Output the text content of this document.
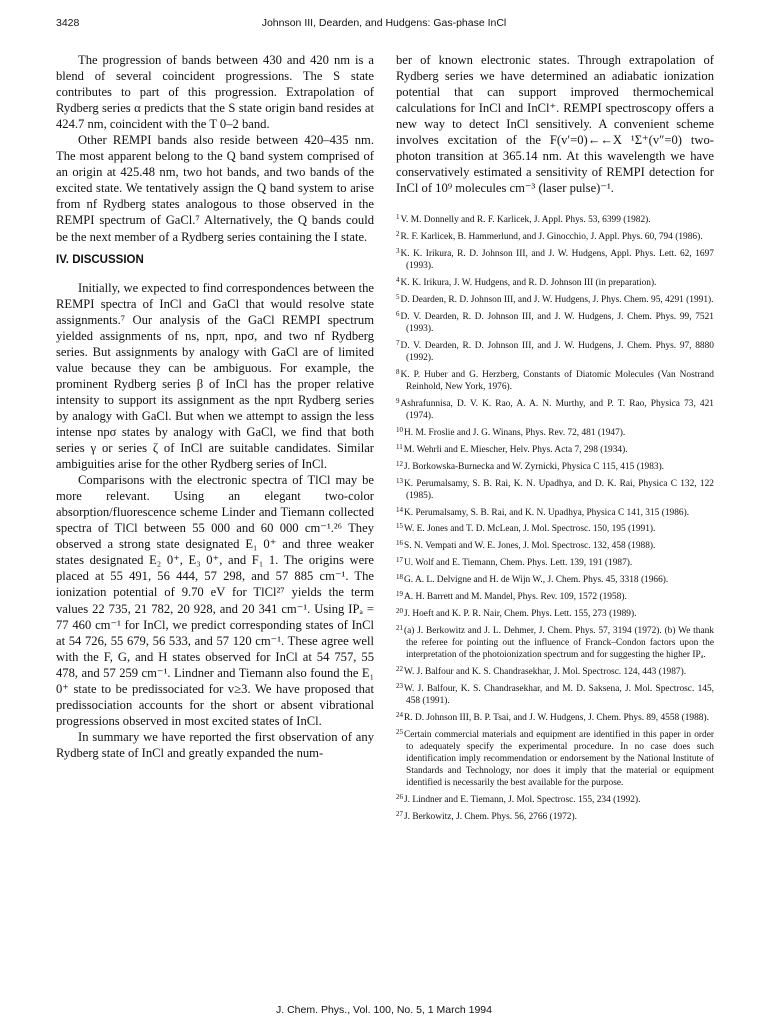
3428	Johnson III, Dearden, and Hudgens: Gas-phase InCl

The progression of bands between 430 and 420 nm is a blend of several coincident progressions. The S state contributes to part of this progression. Extrapolation of Rydberg series α predicts that the S state origin band resides at 424.7 nm, coincident with the T 0–2 band.

Other REMPI bands also reside between 420–435 nm. The most apparent belong to the Q band system comprised of an origin at 425.48 nm, two hot bands, and two bands of the excited state. We tentatively assign the Q band system to arise from nf Rydberg states analogous to those observed in the REMPI spectrum of GaCl.⁷ Alternatively, the Q bands could be the next member of a Rydberg series containing the I state.

IV. DISCUSSION

Initially, we expected to find correspondences between the REMPI spectra of InCl and GaCl that would resolve state assignments.⁷ Our analysis of the GaCl REMPI spectrum yielded assignments of ns, npπ, npσ, and two nf Rydberg series. But assignments by analogy with GaCl are of limited value because they can be ambiguous. For example, the prominent Rydberg series β of InCl has the proper relative intensity to support its assignment as the npπ Rydberg series by analogy with GaCl. But when we attempt to assign the less intense npσ states by analogy with GaCl, we find that both series γ or series ζ of InCl are suitable candidates. Similar ambiguities arise for the other Rydberg series of InCl.

Comparisons with the electronic spectra of TlCl may be more relevant. Using an elegant two-color absorption/fluorescence scheme Linder and Tiemann collected spectra of TlCl between 55 000 and 60 000 cm⁻¹.²⁶ They observed a strong state designated E₁ 0⁺ and three weaker states designated E₂ 0⁺, E₃ 0⁺, and F₁ 1. The origins were placed at 55 491, 56 444, 57 298, and 57 885 cm⁻¹. The ionization potential of 9.70 eV for TlCl²⁷ yields the term values 22 735, 21 782, 20 928, and 20 341 cm⁻¹. Using IPₐ = 77 460 cm⁻¹ for InCl, we predict corresponding states of InCl at 54 726, 55 679, 56 533, and 57 120 cm⁻¹. These agree well with the F, G, and H states observed for InCl at 54 757, 55 478, and 57 259 cm⁻¹. Lindner and Tiemann also found the E₁ 0⁺ state to be predissociated for v≥3. We have proposed that predissociation accounts for the short or absent vibrational progressions observed in most excited states of InCl.

In summary we have reported the first observation of any Rydberg state of InCl and greatly expanded the num-

ber of known electronic states. Through extrapolation of Rydberg series we have determined an adiabatic ionization potential that can support improved thermochemical calculations for InCl and InCl⁺. REMPI spectroscopy offers a new way to detect InCl sensitively. A convenient scheme involves excitation of the F(v′=0)←←X ¹Σ⁺(v″=0) two-photon transition at 365.14 nm. At this wavelength we have conservatively estimated a sensitivity of REMPI detection for InCl of 10⁹ molecules cm⁻³ (laser pulse)⁻¹.

$^1$V. M. Donnelly and R. F. Karlicek, J. Appl. Phys. 53, 6399 (1982).
$^2$R. F. Karlicek, B. Hammerlund, and J. Ginocchio, J. Appl. Phys. 60, 794 (1986).
$^3$K. K. Irikura, R. D. Johnson III, and J. W. Hudgens, Appl. Phys. Lett. 62, 1697 (1993).
$^4$K. K. Irikura, J. W. Hudgens, and R. D. Johnson III (in preparation).
$^5$D. Dearden, R. D. Johnson III, and J. W. Hudgens, J. Phys. Chem. 95, 4291 (1991).
$^6$D. V. Dearden, R. D. Johnson III, and J. W. Hudgens, J. Chem. Phys. 99, 7521 (1993).
$^7$D. V. Dearden, R. D. Johnson III, and J. W. Hudgens, J. Chem. Phys. 97, 8880 (1992).
$^8$K. P. Huber and G. Herzberg, Constants of Diatomic Molecules (Van Nostrand Reinhold, New York, 1976).
$^9$Ashrafunnisa, D. V. K. Rao, A. A. N. Murthy, and P. T. Rao, Physica 73, 421 (1974).
$^{10}$H. M. Froslie and J. G. Winans, Phys. Rev. 72, 481 (1947).
$^{11}$M. Wehrli and E. Miescher, Helv. Phys. Acta 7, 298 (1934).
$^{12}$J. Borkowska-Burnecka and W. Zyrnicki, Physica C 115, 415 (1983).
$^{13}$K. Perumalsamy, S. B. Rai, K. N. Upadhya, and D. K. Rai, Physica C 132, 122 (1985).
$^{14}$K. Perumalsamy, S. B. Rai, and K. N. Upadhya, Physica C 141, 315 (1986).
$^{15}$W. E. Jones and T. D. McLean, J. Mol. Spectrosc. 150, 195 (1991).
$^{16}$S. N. Vempati and W. E. Jones, J. Mol. Spectrosc. 132, 458 (1988).
$^{17}$U. Wolf and E. Tiemann, Chem. Phys. Lett. 139, 191 (1987).
$^{18}$G. A. L. Delvigne and H. de Wijn W., J. Chem. Phys. 45, 3318 (1966).
$^{19}$A. H. Barrett and M. Mandel, Phys. Rev. 109, 1572 (1958).
$^{20}$J. Hoeft and K. P. R. Nair, Chem. Phys. Lett. 155, 273 (1989).
$^{21}$(a) J. Berkowitz and J. L. Dehmer, J. Chem. Phys. 57, 3194 (1972). (b) We thank the referee for pointing out the influence of Franck–Condon factors upon the interpretation of the photoionization spectrum and for suggesting the higher IPₐ.
$^{22}$W. J. Balfour and K. S. Chandrasekhar, J. Mol. Spectrosc. 124, 443 (1987).
$^{23}$W. J. Balfour, K. S. Chandrasekhar, and M. D. Saksena, J. Mol. Spectrosc. 145, 458 (1991).
$^{24}$R. D. Johnson III, B. P. Tsai, and J. W. Hudgens, J. Chem. Phys. 89, 4558 (1988).
$^{25}$Certain commercial materials and equipment are identified in this paper in order to adequately specify the experimental procedure. In no case does such identification imply recommendation or endorsement by the National Institute of Standards and Technology, nor does it imply that the material or equipment identified is necessarily the best available for the purpose.
$^{26}$J. Lindner and E. Tiemann, J. Mol. Spectrosc. 155, 234 (1992).
$^{27}$J. Berkowitz, J. Chem. Phys. 56, 2766 (1972).
J. Chem. Phys., Vol. 100, No. 5, 1 March 1994
